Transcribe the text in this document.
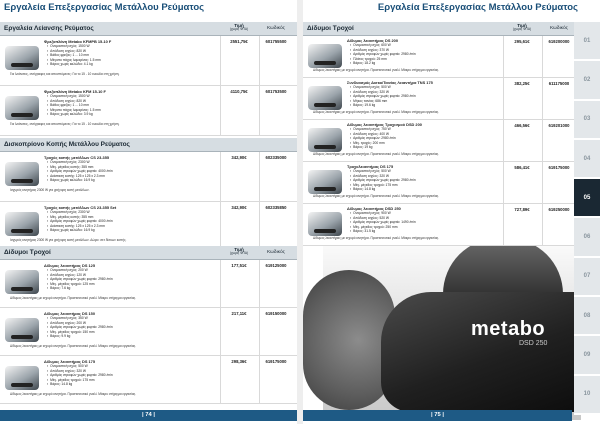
Εργαλεία Επεξεργασίας Μετάλλου Ρεύματος
Εργαλεία Λείανσης Ρεύματος	Τιμή
(χωρίς ΦΠΑ)	Κωδικός
Φρεζοπλάνη Metabo KFMPB 15-10 F
▪ Ονομαστική ισχύς: 1500 W
▪ Απόδοση ισχύος: 820 W
▪ Βάθος φρεζας: 1 ... 10 mm
▪ Μέγιστο πάχος λαμαρίνας: 1.5 mm
▪ Βάρος χωρίς καλώδιο: 4.1 kg
Για λειάνσεις, αντίγραφες και αποσπόμενες: Για το 15 - 10 ευκολία στη χρήση.
2551,75€	601755500
Φρεζοπλάνη Metabo KFM 15-10 F
▪ Ονομαστική ισχύς: 1500 W
▪ Απόδοση ισχύος: 820 W
▪ Βάθος φρεζας: 1 ... 10 mm
▪ Μέγιστο πάχος λαμαρίνας: 1.5 mm
▪ Βάρος χωρίς καλώδιο: 3.9 kg
Για λειάνσεις, αντίγραφες και αποσπόμενες: Για το 15 - 10 ευκολία στη χρήση.
4110,75€	601753500
Δισκοπρίονο Κοπής Μετάλλου Ρεύματος
Τροχός κοπής μετάλλων CS 23-355
▪ Ονομαστική ισχύς: 2300 W
▪ Μέγ. μέγεθος κοπής: 355 mm
▪ Αριθμός στροφών χωρίς φορτίο: 4000 /min
▪ Διάσταση κοπής: 125 x 125 x 2.3 mm
▪ Βάρος χωρίς καλώδιο: 16.9 kg
Ισχυρός κινητήρας 2300 W για γρήγορη κοπή μετάλλων.
342,90€	602335000
Τροχός κοπής μετάλλων CS 23-355 Set
▪ Ονομαστική ισχύς: 2300 W
▪ Μέγ. μέγεθος κοπής: 355 mm
▪ Αριθμός στροφών χωρίς φορτίο: 4000 /min
▪ Διάσταση κοπής: 125 x 125 x 2.3 mm
▪ Βάρος χωρίς καλώδιο: 16.9 kg
Ισχυρός κινητήρας 2300 W για γρήγορη κοπή μετάλλων. Δώρο: σετ δίσκων κοπής.
342,90€	602335850
Δίδυμοι Τροχοί	Τιμή
(χωρίς ΦΠΑ)	Κωδικός
Δίδυμος λειαντήρας DS 125
▪ Ονομαστική ισχύς: 200 W
▪ Απόδοση ισχύος: 120 W
▪ Αριθμός στροφών χωρίς φορτίο: 2980 /min
▪ Μέγ. μέγεθος τροχού: 125 mm
▪ Βάρος: 7.6 kg
Δίδυμος λειαντήρας με ισχυρό κινητήρα. Προστατευτικό γυαλί. Μάκρυ στήριγμα εργασίας.
177,51€	619125000
Δίδυμος λειαντήρας DS 150
▪ Ονομαστική ισχύς: 350 W
▪ Απόδοση ισχύος: 200 W
▪ Αριθμός στροφών χωρίς φορτίο: 2980 /min
▪ Μέγ. μέγεθος τροχού: 150 mm
▪ Βάρος: 9.9 kg
Δίδυμος λειαντήρας με ισχυρό κινητήρα. Προστατευτικό γυαλί. Μάκρυ στήριγμα εργασίας.
217,11€	619150000
Δίδυμος λειαντήρας DS 175
▪ Ονομαστική ισχύς: 500 W
▪ Απόδοση ισχύος: 320 W
▪ Αριθμός στροφών χωρίς φορτίο: 2980 /min
▪ Μέγ. μέγεθος τροχού: 175 mm
▪ Βάρος: 14.8 kg
Δίδυμος λειαντήρας με ισχυρό κινητήρα. Προστατευτικό γυαλί. Μάκρυ στήριγμα εργασίας.
298,36€	619175000
| 74 |
Εργαλεία Επεξεργασίας Μετάλλου Ρεύματος
metabo
DSD 250
Δίδυμοι Τροχοί	Τιμή
(χωρίς ΦΠΑ)	Κωδικός
Δίδυμος λειαντήρας DS 200
▪ Ονομαστική ισχύς: 600 W
▪ Απόδοση ισχύος: 370 W
▪ Αριθμός στροφών χωρίς φορτίο: 2980 /min
▪ Πλάτος τροχού: 25 mm
▪ Βάρος: 18.2 kg
Δίδυμος λειαντήρας με ισχυρό κινητήρα. Προστατευτικό γυαλί. Μάκρυ στήριγμα εργασίας.
295,61€	619200000
Συνδυασμός Δισκο/Ταινίας Λειαντήρα TNS 175
▪ Ονομαστική ισχύς: 500 W
▪ Απόδοση ισχύος: 320 W
▪ Αριθμός στροφών χωρίς φορτίο: 2980 /min
▪ Μήκος ταινίας: 686 mm
▪ Βάρος: 19.6 kg
Δίδυμος λειαντήρας με ισχυρό κινητήρα. Προστατευτικό γυαλί. Μάκρυ στήριγμα εργασίας.
382,25€	611175000
Δίδυμος λειαντήρας Τροχισμού DSD 200
▪ Ονομαστική ισχύς: 750 W
▪ Απόδοση ισχύος: 400 W
▪ Αριθμός στροφών: 2980 /min
▪ Μέγ. τροχός: 200 mm
▪ Βάρος: 19 kg
Δίδυμος λειαντήρας με ισχυρό κινητήρα. Προστατευτικό γυαλί. Μάκρυ στήριγμα εργασίας.
466,56€	619201000
Τροχολειαντήρας DS 175
▪ Ονομαστική ισχύς: 500 W
▪ Απόδοση ισχύος: 320 W
▪ Αριθμός στροφών χωρίς φορτίο: 2980 /min
▪ Μέγ. μέγεθος τροχού: 175 mm
▪ Βάρος: 14.8 kg
Δίδυμος λειαντήρας με ισχυρό κινητήρα. Προστατευτικό γυαλί. Μάκρυ στήριγμα εργασίας.
586,41€	619175000
Δίδυμος λειαντήρας DSD 250
▪ Ονομαστική ισχύς: 900 W
▪ Απόδοση ισχύος: 520 W
▪ Αριθμός στροφών χωρίς φορτίο: 1490 /min
▪ Μέγ. μέγεθος τροχού: 250 mm
▪ Βάρος: 31.5 kg
Δίδυμος λειαντήρας με ισχυρό κινητήρα. Προστατευτικό γυαλί. Μάκρυ στήριγμα εργασίας.
727,89€	619250000
01
02
03
04
05
06
07
08
09
10
| 75 |
